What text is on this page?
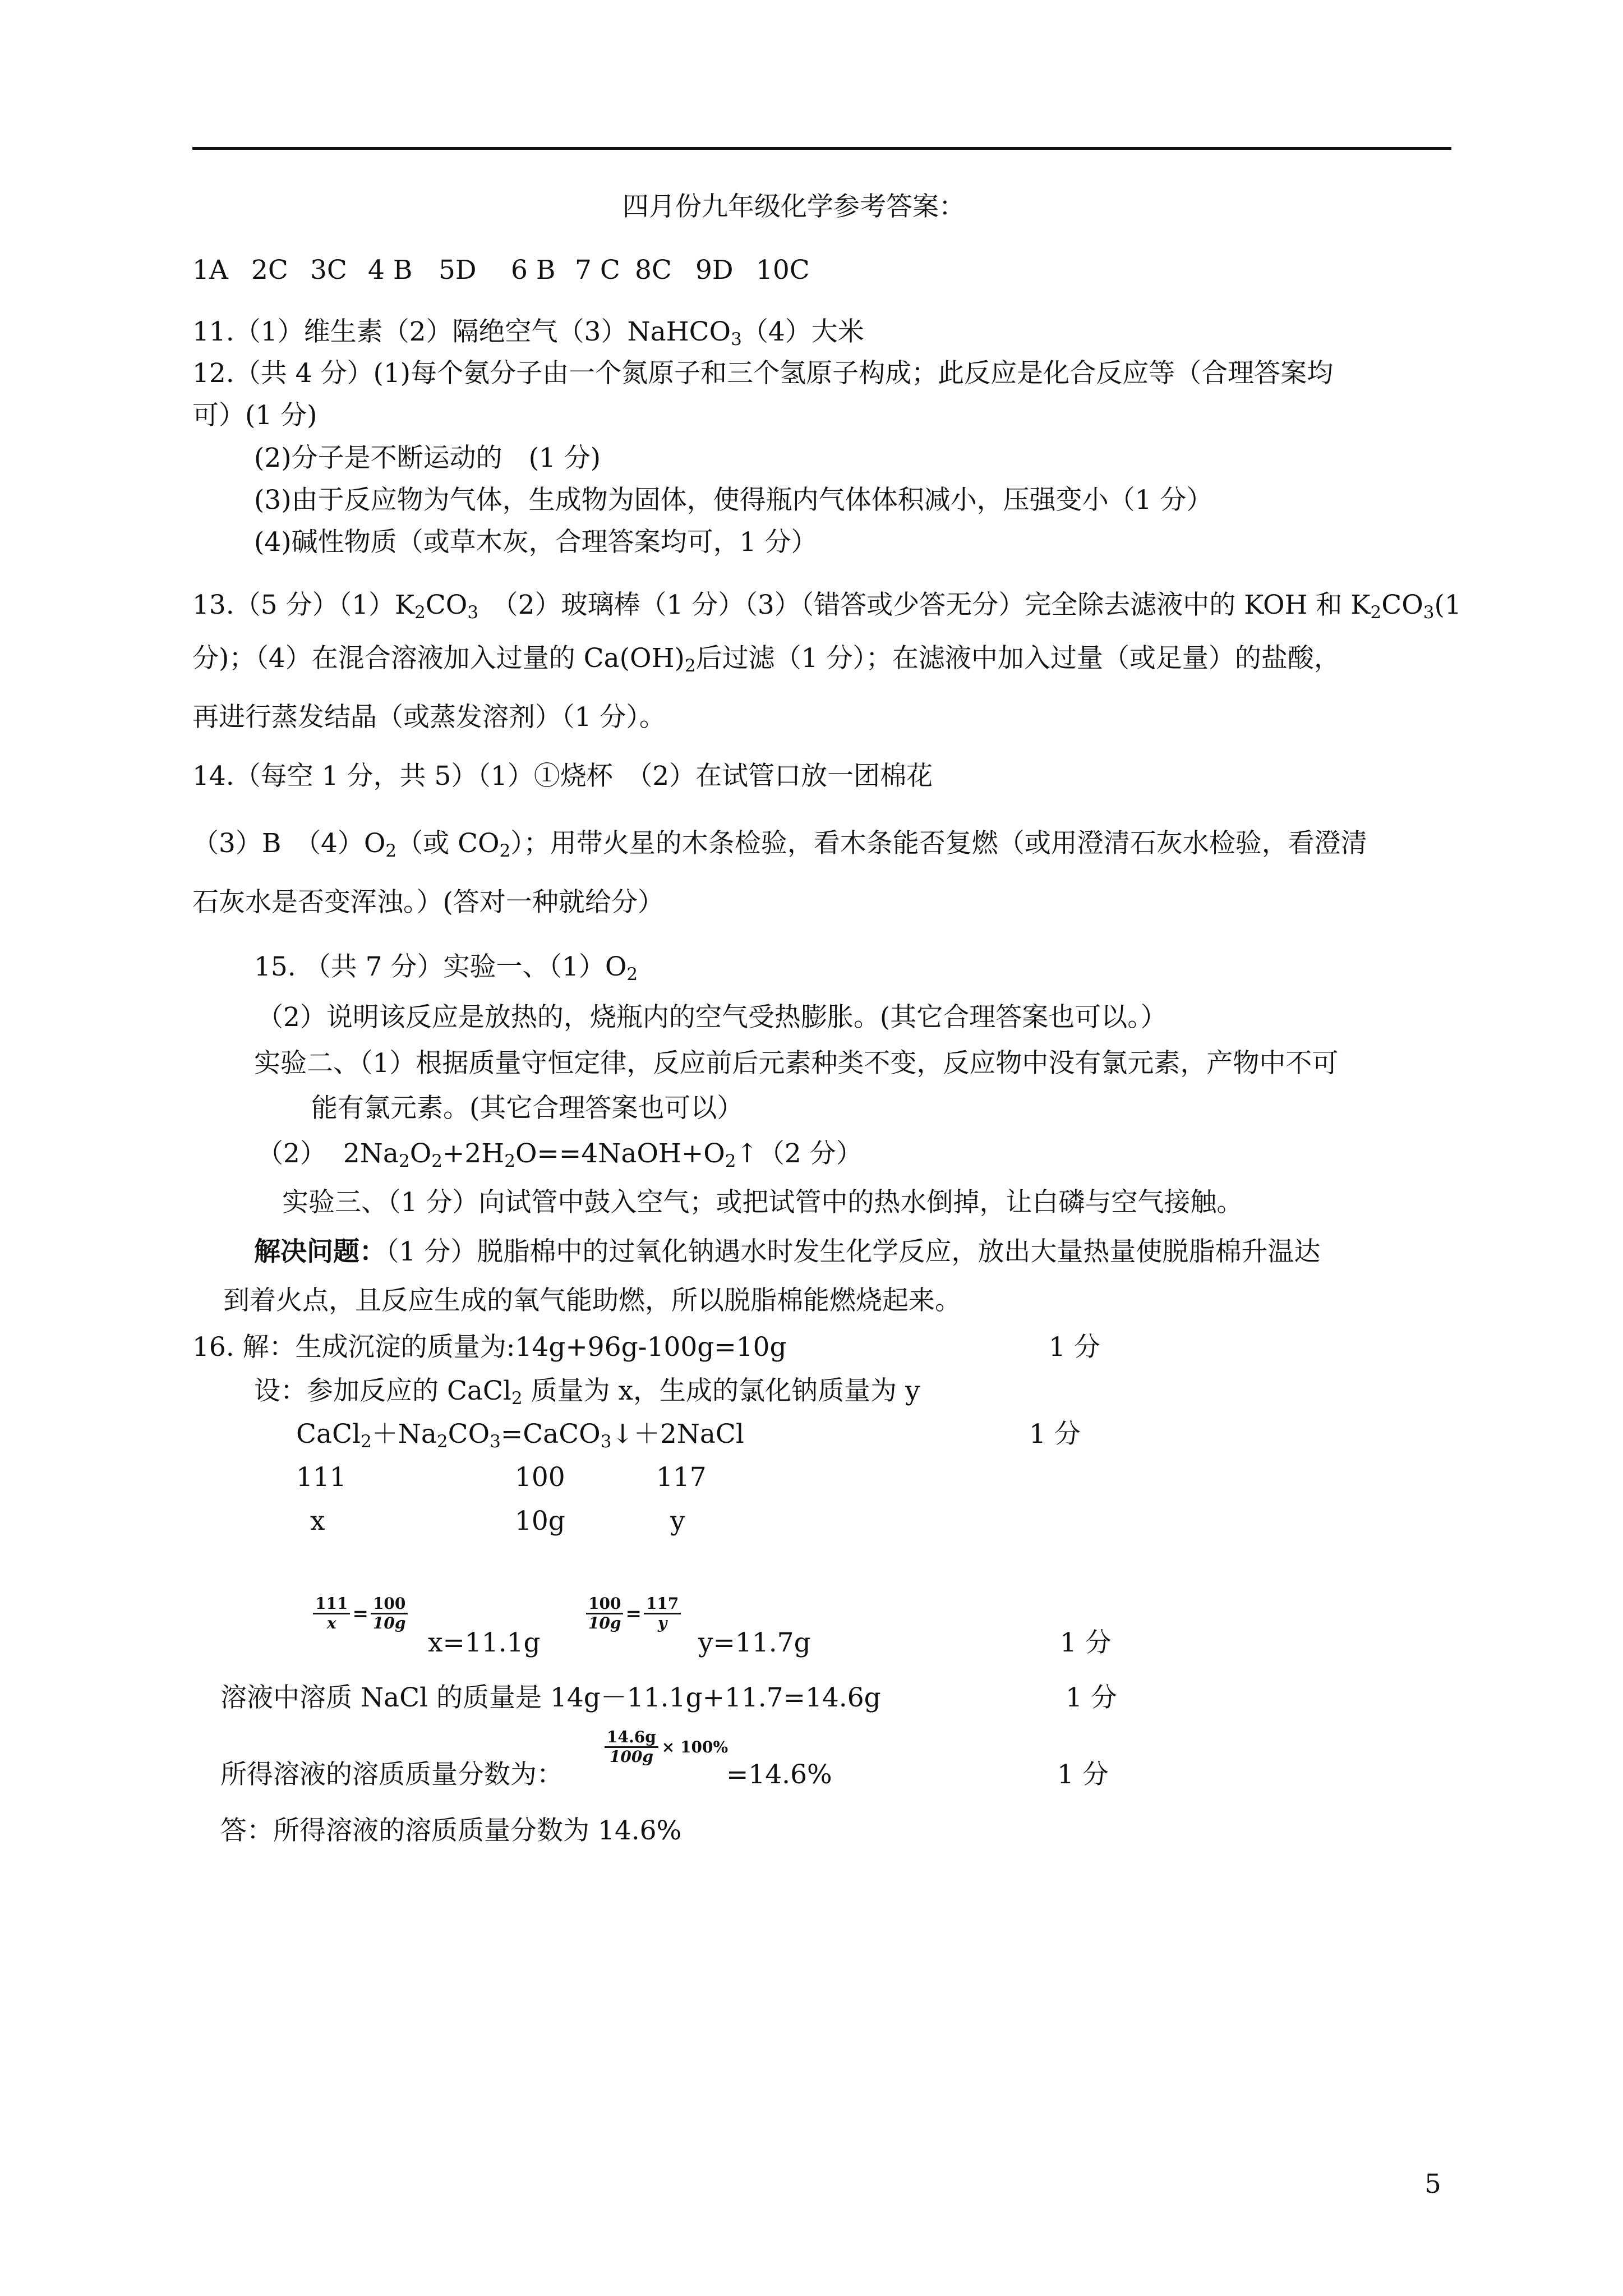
四月份九年级化学参考答案：
1A 2C 3C 4 B 5D 6 B 7 C 8C 9D 10C
11.（1）维生素（2）隔绝空气（3）NaHCO$_3$（4）大米
12.（共 4 分）(1)每个氨分子由一个氮原子和三个氢原子构成；此反应是化合反应等（合理答案均
可）(1 分)
(2)分子是不断运动的　(1 分)
(3)由于反应物为气体，生成物为固体，使得瓶内气体体积减小，压强变小（1 分）
(4)碱性物质（或草木灰，合理答案均可，1 分）
13.（5 分）$(1)K_2CO_3$　（2）玻璃棒（1 分）（3）（错答或少答无分）完全除去滤液中的 KOH 和 $K_2CO_3(1$
分)；（4）在混合溶液加入过量的 $Ca(OH)_2$后过滤（1 分）；在滤液中加入过量（或足量）的盐酸，
再进行蒸发结晶（或蒸发溶剂）（1 分）。
14.（每空 1 分，共 5）（1）①烧杯　（2）在试管口放一团棉花
（3）B　$(4)O_2$（或 $CO_2$）；用带火星的木条检验，看木条能否复燃（或用澄清石灰水检验，看澄清
石灰水是否变浑浊。）(答对一种就给分）
15. （共 7 分）实验一、$(1)O_2$
（2）说明该反应是放热的，烧瓶内的空气受热膨胀。(其它合理答案也可以。）
实验二、（1）根据质量守恒定律，反应前后元素种类不变，反应物中没有氯元素，产物中不可
能有氯元素。(其它合理答案也可以）
（2） $2Na_2O_2+2H_2O==4NaOH+O_2↑(2$ 分）
实验三、（1 分）向试管中鼓入空气；或把试管中的热水倒掉，让白磷与空气接触。
解决问题：（1 分）脱脂棉中的过氧化钠遇水时发生化学反应，放出大量热量使脱脂棉升温达
到着火点，且反应生成的氧气能助燃，所以脱脂棉能燃烧起来。
16. 解：生成沉淀的质量为:14g+96g-100g=10g	1 分
设：参加反应的 CaCl$_2$ 质量为 x，生成的氯化钠质量为 y
$CaCl_2+Na_2CO_3=CaCO_3↓+2NaCl$	1 分
111	100	117
x	10g	y
$\frac{111}{x} = \frac{100}{10g}$
x=11.1g
$\frac{100}{10g} = \frac{117}{y}$
y=11.7g	1 分
溶液中溶质 NaCl 的质量是 14g－11.1g+11.7=14.6g	1 分
所得溶液的溶质质量分数为：
$\frac{14.6g}{100g} \times 100\%$
=14.6%	1 分
答：所得溶液的溶质质量分数为 14.6%
5
